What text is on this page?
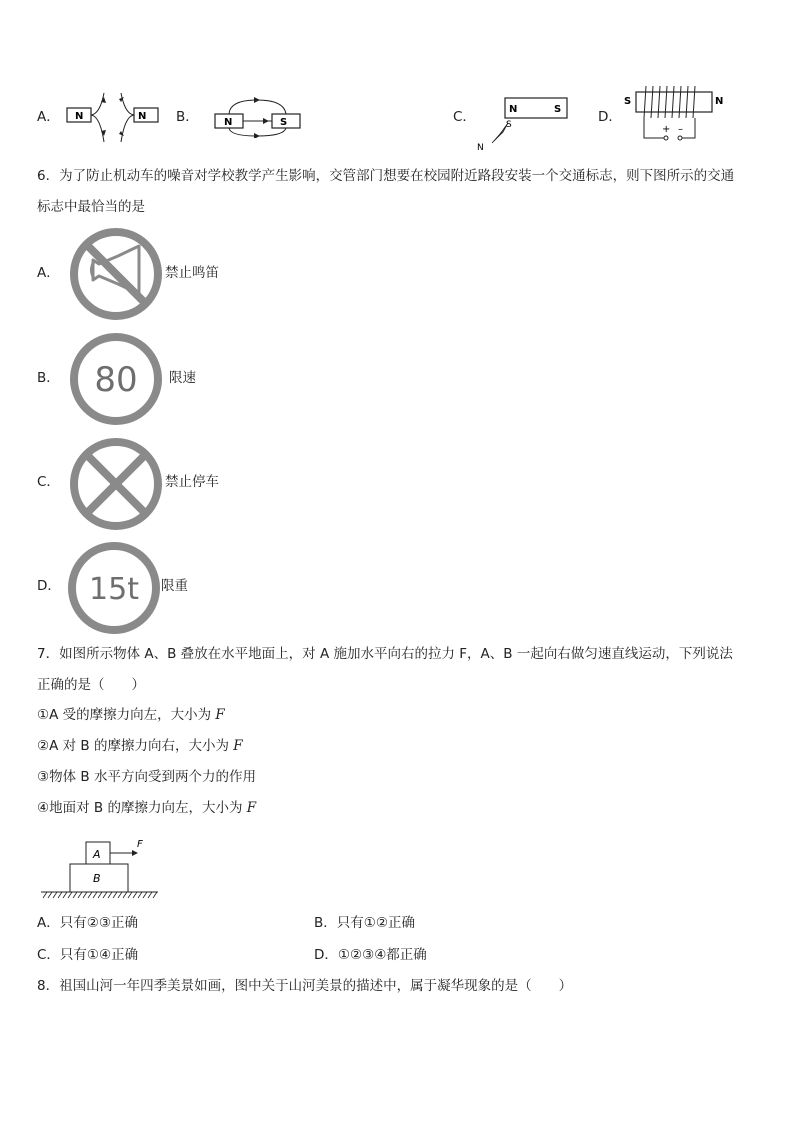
A． N	N B．	N	S	C．	N	S
S
N
D．
S	N
+ –
6．为了防止机动车的噪音对学校教学产生影响，交管部门想要在校园附近路段安装一个交通标志，则下图所示的交通
标志中最恰当的是
A．	禁止鸣笛
B． 80 限速
C．	禁止停车
D． 15t 限重
7．如图所示物体 A、B 叠放在水平地面上，对 A 施加水平向右的拉力 F，A、B 一起向右做匀速直线运动，下列说法
正确的是（　　）
①A 受的摩擦力向左，大小为 F
②A 对 B 的摩擦力向右，大小为 F
③物体 B 水平方向受到两个力的作用
④地面对 B 的摩擦力向左，大小为 F
A
B
F
A．只有②③正确	B．只有①②正确
C．只有①④正确	D．①②③④都正确
8．祖国山河一年四季美景如画，图中关于山河美景的描述中，属于凝华现象的是（　　）
